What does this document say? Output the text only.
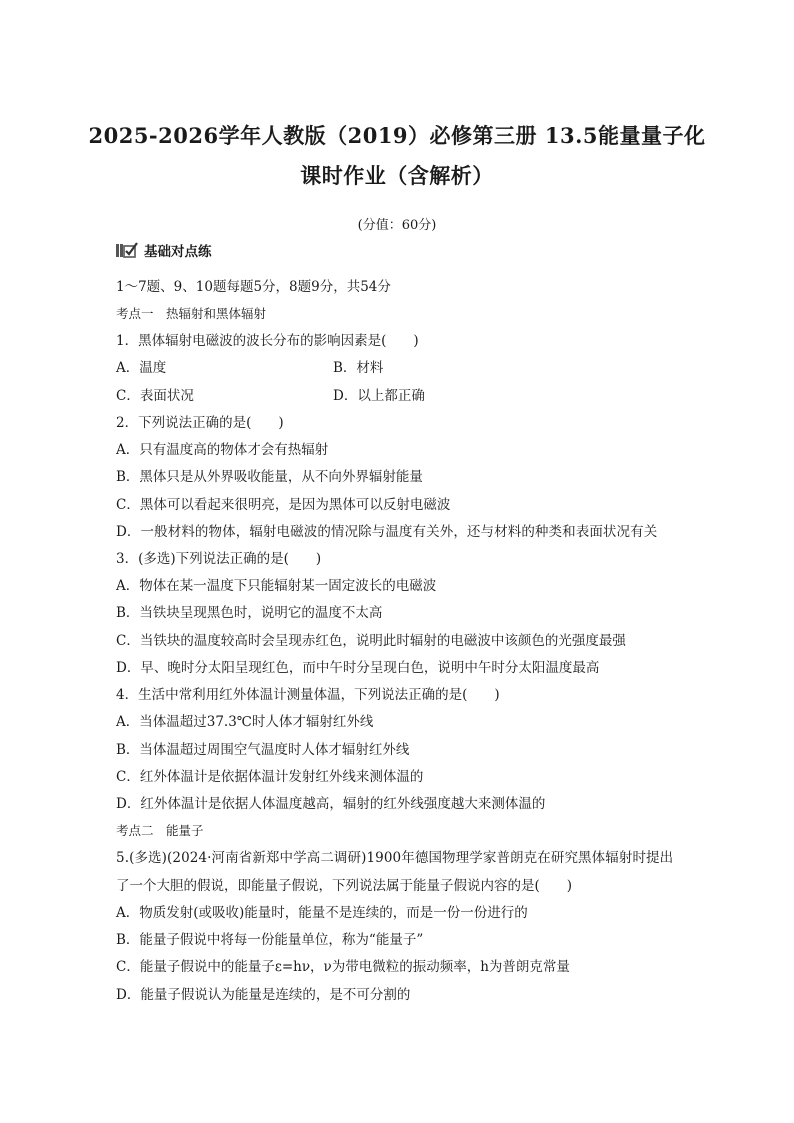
2025-2026学年人教版（2019）必修第三册 13.5能量量子化
课时作业（含解析）
(分值：60分)
基础对点练
1～7题、9、10题每题5分，8题9分，共54分
考点一　热辐射和黑体辐射
1．黑体辐射电磁波的波长分布的影响因素是(　　)
A．温度	B．材料
C．表面状况	D．以上都正确
2．下列说法正确的是(　　)
A．只有温度高的物体才会有热辐射
B．黑体只是从外界吸收能量，从不向外界辐射能量
C．黑体可以看起来很明亮，是因为黑体可以反射电磁波
D．一般材料的物体，辐射电磁波的情况除与温度有关外，还与材料的种类和表面状况有关
3．(多选)下列说法正确的是(　　)
A．物体在某一温度下只能辐射某一固定波长的电磁波
B．当铁块呈现黑色时，说明它的温度不太高
C．当铁块的温度较高时会呈现赤红色，说明此时辐射的电磁波中该颜色的光强度最强
D．早、晚时分太阳呈现红色，而中午时分呈现白色，说明中午时分太阳温度最高
4．生活中常利用红外体温计测量体温，下列说法正确的是(　　)
A．当体温超过37.3℃时人体才辐射红外线
B．当体温超过周围空气温度时人体才辐射红外线
C．红外体温计是依据体温计发射红外线来测体温的
D．红外体温计是依据人体温度越高，辐射的红外线强度越大来测体温的
考点二　能量子
5.(多选)(2024·河南省新郑中学高二调研)1900年德国物理学家普朗克在研究黑体辐射时提出
了一个大胆的假说，即能量子假说，下列说法属于能量子假说内容的是(　　)
A．物质发射(或吸收)能量时，能量不是连续的，而是一份一份进行的
B．能量子假说中将每一份能量单位，称为“能量子”
C．能量子假说中的能量子ε=hν，ν为带电微粒的振动频率，h为普朗克常量
D．能量子假说认为能量是连续的，是不可分割的
